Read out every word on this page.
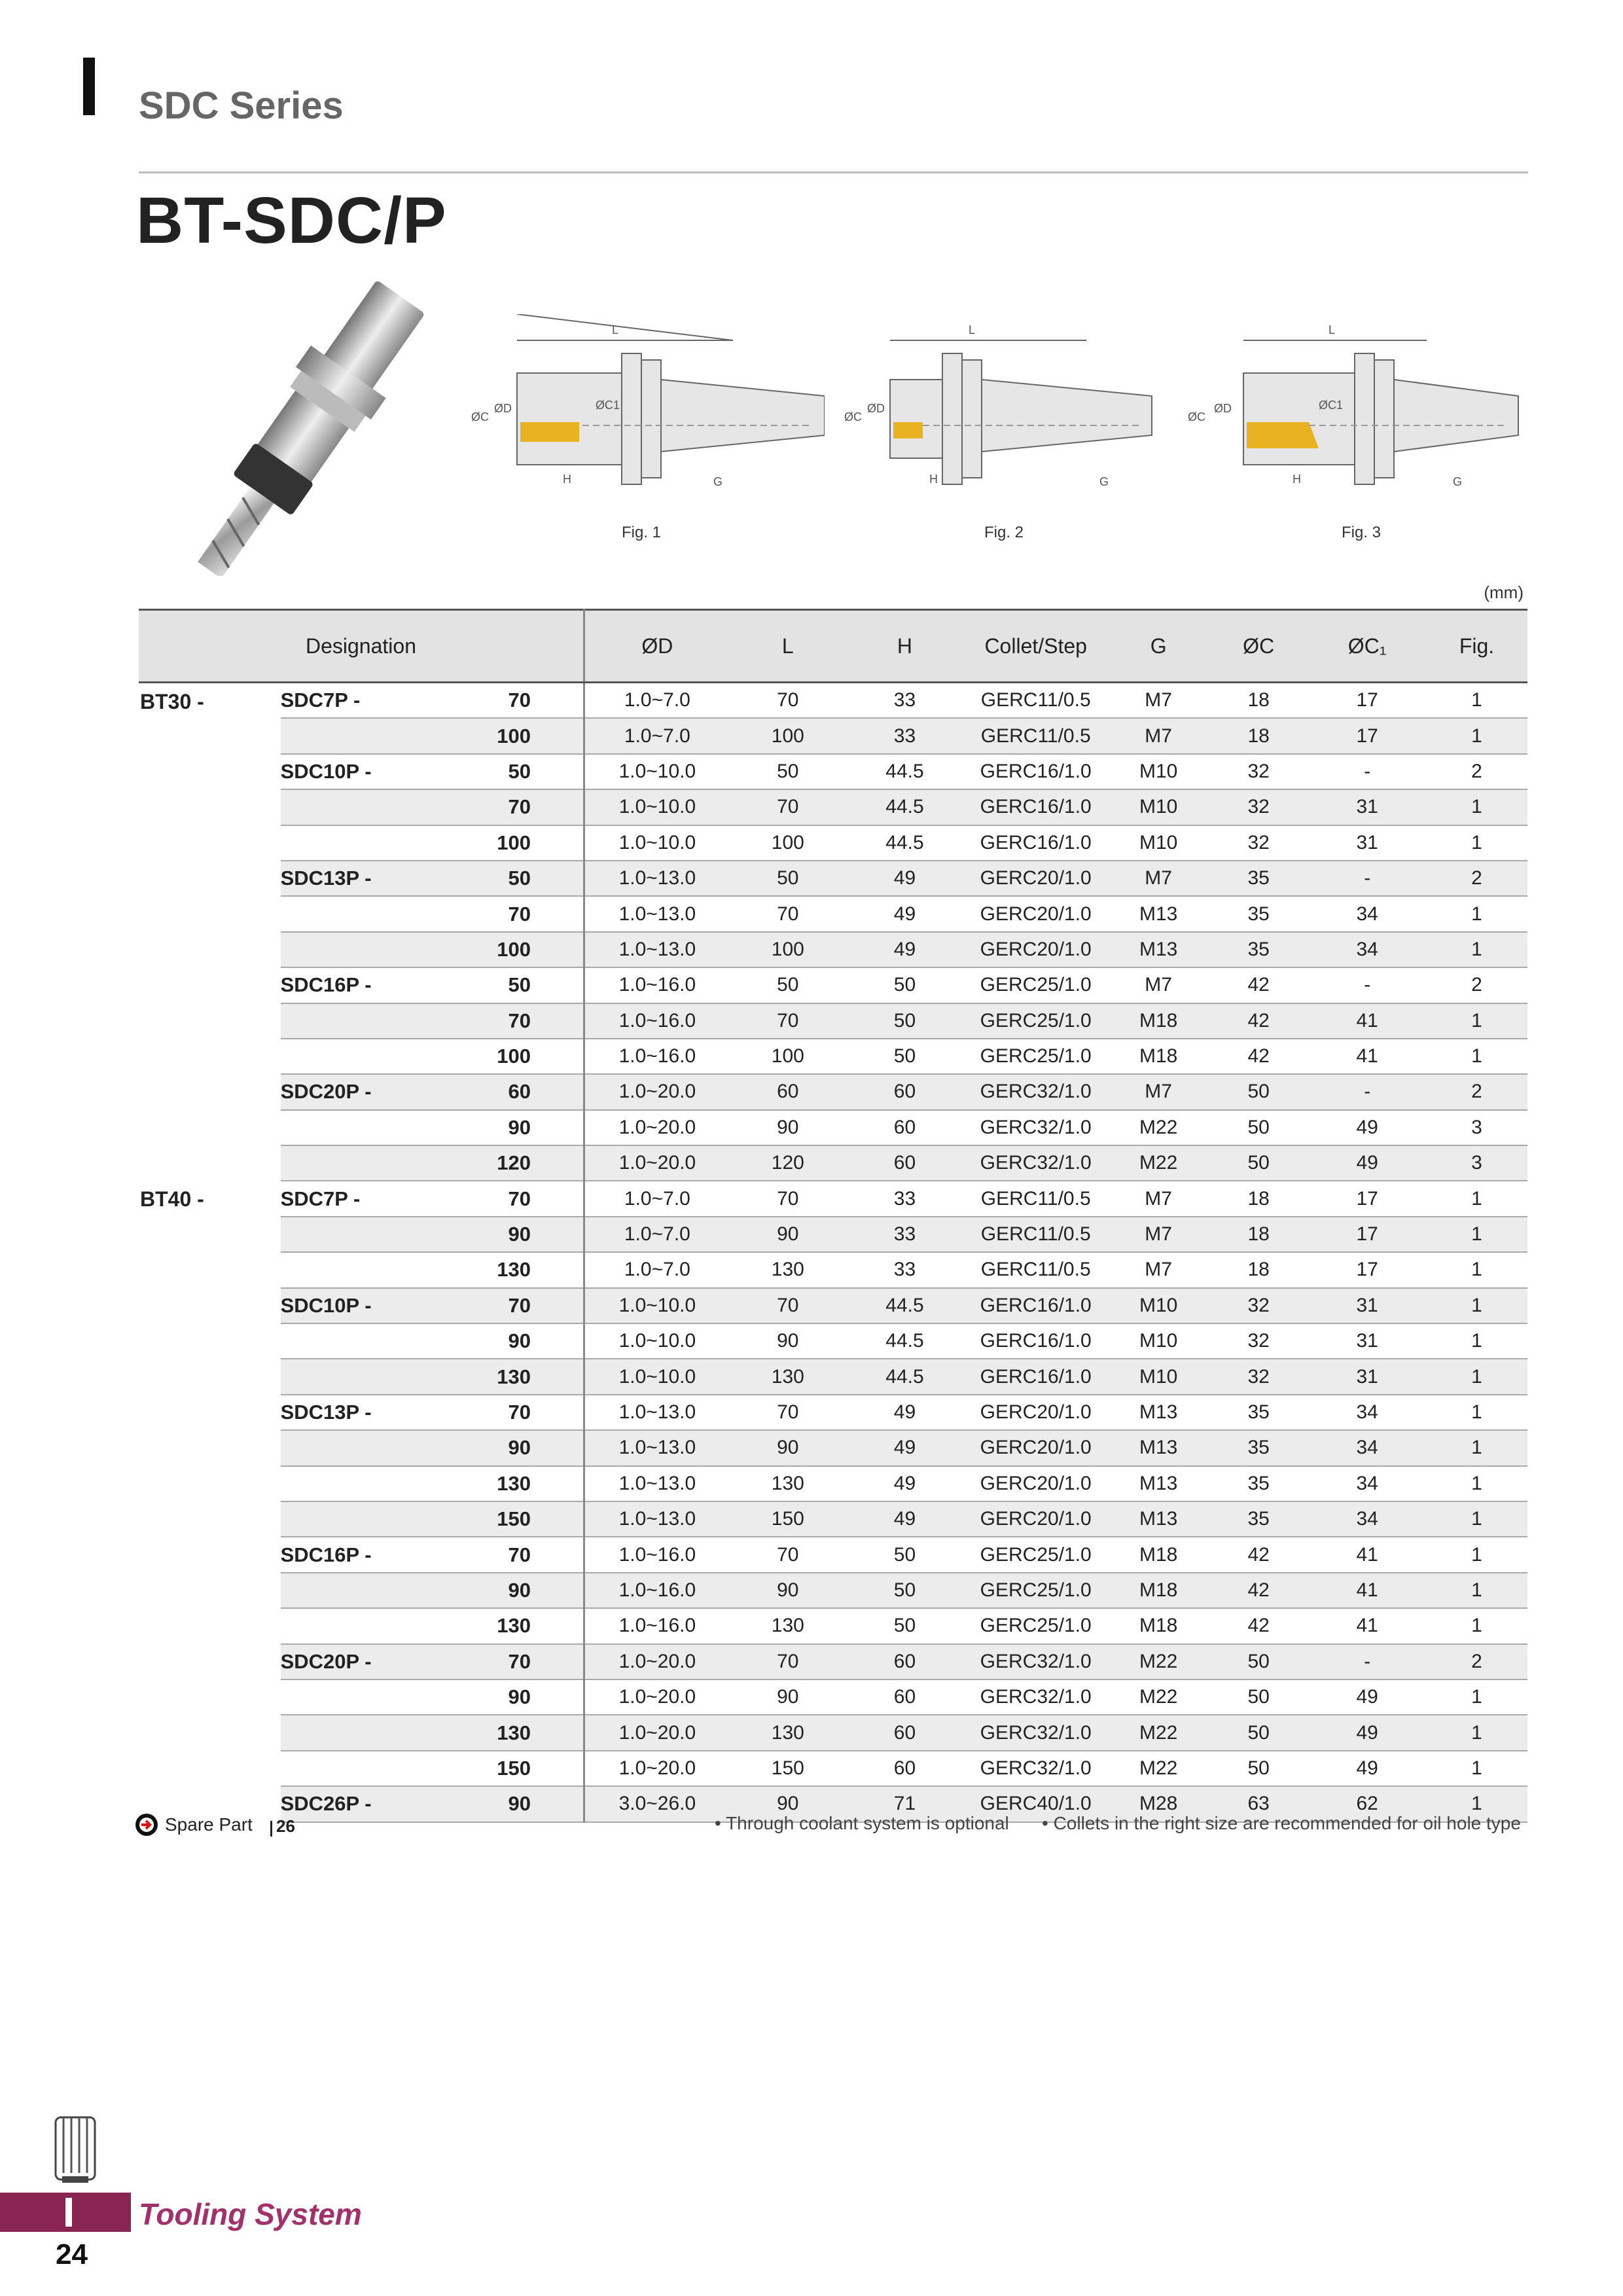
SDC Series
BT-SDC/P
L
ØC
ØD	ØC1
H	G
Fig. 1
L
ØC
ØD
H	G
Fig. 2
L
ØC
ØD	ØC1
H	G
Fig. 3
(mm)
Designation			ØD	L	H	Collet/Step	G	ØC	ØC₁	Fig.
BT30 -	SDC7P -	70	1.0~7.0	70	33	GERC11/0.5	M7	18	17	1
		100	1.0~7.0	100	33	GERC11/0.5	M7	18	17	1
	SDC10P -	50	1.0~10.0	50	44.5	GERC16/1.0	M10	32	-	2
		70	1.0~10.0	70	44.5	GERC16/1.0	M10	32	31	1
		100	1.0~10.0	100	44.5	GERC16/1.0	M10	32	31	1
	SDC13P -	50	1.0~13.0	50	49	GERC20/1.0	M7	35	-	2
		70	1.0~13.0	70	49	GERC20/1.0	M13	35	34	1
		100	1.0~13.0	100	49	GERC20/1.0	M13	35	34	1
	SDC16P -	50	1.0~16.0	50	50	GERC25/1.0	M7	42	-	2
		70	1.0~16.0	70	50	GERC25/1.0	M18	42	41	1
		100	1.0~16.0	100	50	GERC25/1.0	M18	42	41	1
	SDC20P -	60	1.0~20.0	60	60	GERC32/1.0	M7	50	-	2
		90	1.0~20.0	90	60	GERC32/1.0	M22	50	49	3
		120	1.0~20.0	120	60	GERC32/1.0	M22	50	49	3
BT40 -	SDC7P -	70	1.0~7.0	70	33	GERC11/0.5	M7	18	17	1
		90	1.0~7.0	90	33	GERC11/0.5	M7	18	17	1
		130	1.0~7.0	130	33	GERC11/0.5	M7	18	17	1
	SDC10P -	70	1.0~10.0	70	44.5	GERC16/1.0	M10	32	31	1
		90	1.0~10.0	90	44.5	GERC16/1.0	M10	32	31	1
		130	1.0~10.0	130	44.5	GERC16/1.0	M10	32	31	1
	SDC13P -	70	1.0~13.0	70	49	GERC20/1.0	M13	35	34	1
		90	1.0~13.0	90	49	GERC20/1.0	M13	35	34	1
		130	1.0~13.0	130	49	GERC20/1.0	M13	35	34	1
		150	1.0~13.0	150	49	GERC20/1.0	M13	35	34	1
	SDC16P -	70	1.0~16.0	70	50	GERC25/1.0	M18	42	41	1
		90	1.0~16.0	90	50	GERC25/1.0	M18	42	41	1
		130	1.0~16.0	130	50	GERC25/1.0	M18	42	41	1
	SDC20P -	70	1.0~20.0	70	60	GERC32/1.0	M22	50	-	2
		90	1.0~20.0	90	60	GERC32/1.0	M22	50	49	1
		130	1.0~20.0	130	60	GERC32/1.0	M22	50	49	1
		150	1.0~20.0	150	60	GERC32/1.0	M22	50	49	1
	SDC26P -	90	3.0~26.0	90	71	GERC40/1.0	M28	63	62	1
Spare Part 26	• Through coolant system is optional • Collets in the right size are recommended for oil hole type
Tooling System
24
